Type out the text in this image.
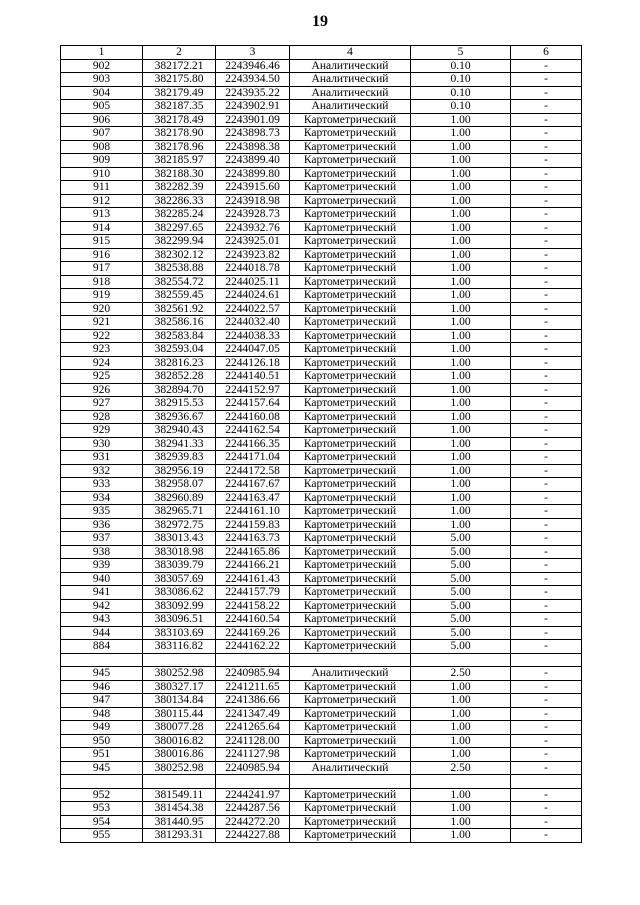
19
1	2	3	4	5	6
902	382172.21	2243946.46	Аналитический	0.10	-
903	382175.80	2243934.50	Аналитический	0.10	-
904	382179.49	2243935.22	Аналитический	0.10	-
905	382187.35	2243902.91	Аналитический	0.10	-
906	382178.49	2243901.09	Картометрический	1.00	-
907	382178.90	2243898.73	Картометрический	1.00	-
908	382178.96	2243898.38	Картометрический	1.00	-
909	382185.97	2243899.40	Картометрический	1.00	-
910	382188.30	2243899.80	Картометрический	1.00	-
911	382282.39	2243915.60	Картометрический	1.00	-
912	382286.33	2243918.98	Картометрический	1.00	-
913	382285.24	2243928.73	Картометрический	1.00	-
914	382297.65	2243932.76	Картометрический	1.00	-
915	382299.94	2243925.01	Картометрический	1.00	-
916	382302.12	2243923.82	Картометрический	1.00	-
917	382538.88	2244018.78	Картометрический	1.00	-
918	382554.72	2244025.11	Картометрический	1.00	-
919	382559.45	2244024.61	Картометрический	1.00	-
920	382561.92	2244022.57	Картометрический	1.00	-
921	382586.16	2244032.40	Картометрический	1.00	-
922	382583.84	2244038.33	Картометрический	1.00	-
923	382593.04	2244047.05	Картометрический	1.00	-
924	382816.23	2244126.18	Картометрический	1.00	-
925	382852.28	2244140.51	Картометрический	1.00	-
926	382894.70	2244152.97	Картометрический	1.00	-
927	382915.53	2244157.64	Картометрический	1.00	-
928	382936.67	2244160.08	Картометрический	1.00	-
929	382940.43	2244162.54	Картометрический	1.00	-
930	382941.33	2244166.35	Картометрический	1.00	-
931	382939.83	2244171.04	Картометрический	1.00	-
932	382956.19	2244172.58	Картометрический	1.00	-
933	382958.07	2244167.67	Картометрический	1.00	-
934	382960.89	2244163.47	Картометрический	1.00	-
935	382965.71	2244161.10	Картометрический	1.00	-
936	382972.75	2244159.83	Картометрический	1.00	-
937	383013.43	2244163.73	Картометрический	5.00	-
938	383018.98	2244165.86	Картометрический	5.00	-
939	383039.79	2244166.21	Картометрический	5.00	-
940	383057.69	2244161.43	Картометрический	5.00	-
941	383086.62	2244157.79	Картометрический	5.00	-
942	383092.99	2244158.22	Картометрический	5.00	-
943	383096.51	2244160.54	Картометрический	5.00	-
944	383103.69	2244169.26	Картометрический	5.00	-
884	383116.82	2244162.22	Картометрический	5.00	-

945	380252.98	2240985.94	Аналитический	2.50	-
946	380327.17	2241211.65	Картометрический	1.00	-
947	380134.84	2241386.66	Картометрический	1.00	-
948	380115.44	2241347.49	Картометрический	1.00	-
949	380077.28	2241265.64	Картометрический	1.00	-
950	380016.82	2241128.00	Картометрический	1.00	-
951	380016.86	2241127.98	Картометрический	1.00	-
945	380252.98	2240985.94	Аналитический	2.50	-

952	381549.11	2244241.97	Картометрический	1.00	-
953	381454.38	2244287.56	Картометрический	1.00	-
954	381440.95	2244272.20	Картометрический	1.00	-
955	381293.31	2244227.88	Картометрический	1.00	-
